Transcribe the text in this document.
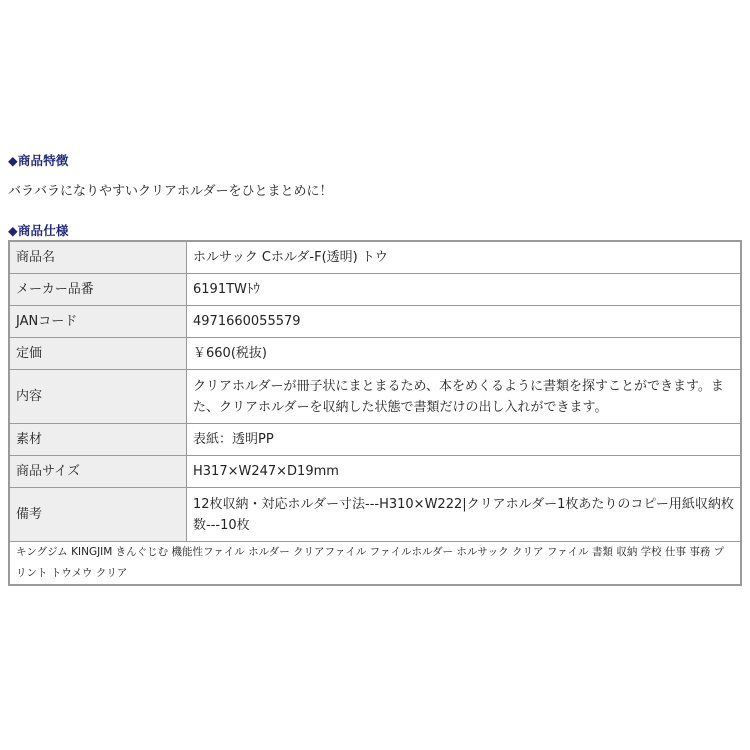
◆商品特徴
バラバラになりやすいクリアホルダーをひとまとめに！
◆商品仕様
商品名	ホルサック Cホルダ-F(透明) トウ
メーカー品番	6191TWﾄｳ
JANコード	4971660055579
定価	￥660(税抜)
内容	クリアホルダーが冊子状にまとまるため、本をめくるように書類を探すことができます。また、クリアホルダーを収納した状態で書類だけの出し入れができます。
素材	表紙：透明PP
商品サイズ	H317×W247×D19mm
備考	12枚収納・対応ホルダー寸法---H310×W222|クリアホルダー1枚あたりのコピー用紙収納枚数---10枚
キングジム KINGJIM きんぐじむ 機能性ファイル ホルダー クリアファイル ファイルホルダー ホルサック クリア ファイル 書類 収納 学校 仕事 事務 プリント トウメウ クリア	
